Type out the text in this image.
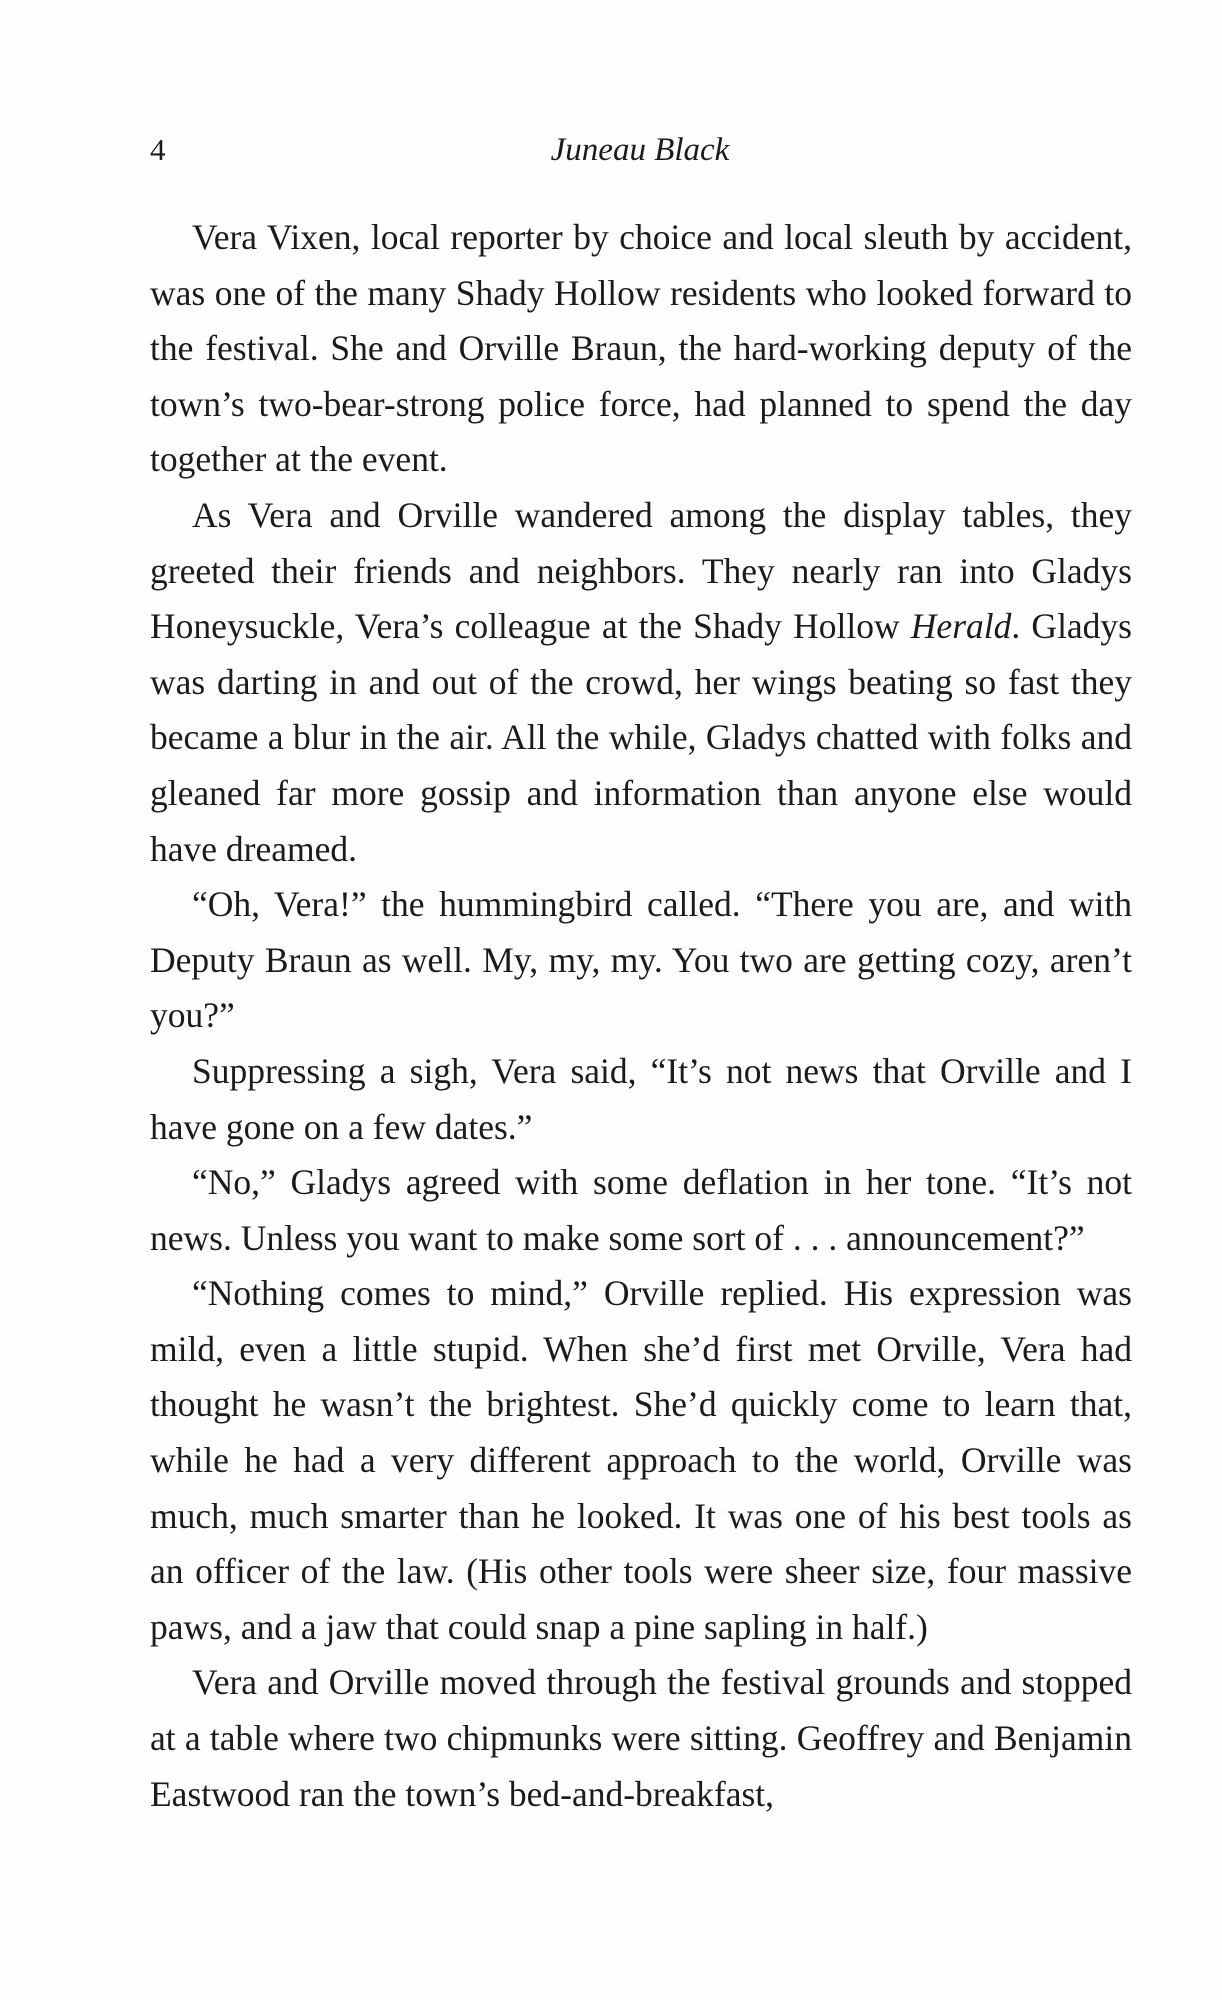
4	Juneau Black

Vera Vixen, local reporter by choice and local sleuth by accident, was one of the many Shady Hollow residents who looked forward to the festival. She and Orville Braun, the hard-working deputy of the town’s two-bear-strong police force, had planned to spend the day together at the event.

As Vera and Orville wandered among the display tables, they greeted their friends and neighbors. They nearly ran into Gladys Honeysuckle, Vera’s colleague at the Shady Hollow Herald. Gladys was darting in and out of the crowd, her wings beating so fast they became a blur in the air. All the while, Gladys chatted with folks and gleaned far more gossip and information than anyone else would have dreamed.

“Oh, Vera!” the hummingbird called. “There you are, and with Deputy Braun as well. My, my, my. You two are getting cozy, aren’t you?”

Suppressing a sigh, Vera said, “It’s not news that Orville and I have gone on a few dates.”

“No,” Gladys agreed with some deflation in her tone. “It’s not news. Unless you want to make some sort of . . . announcement?”

“Nothing comes to mind,” Orville replied. His expression was mild, even a little stupid. When she’d first met Orville, Vera had thought he wasn’t the brightest. She’d quickly come to learn that, while he had a very different approach to the world, Orville was much, much smarter than he looked. It was one of his best tools as an officer of the law. (His other tools were sheer size, four massive paws, and a jaw that could snap a pine sapling in half.)

Vera and Orville moved through the festival grounds and stopped at a table where two chipmunks were sitting. Geoffrey and Benjamin Eastwood ran the town’s bed-and-breakfast,
